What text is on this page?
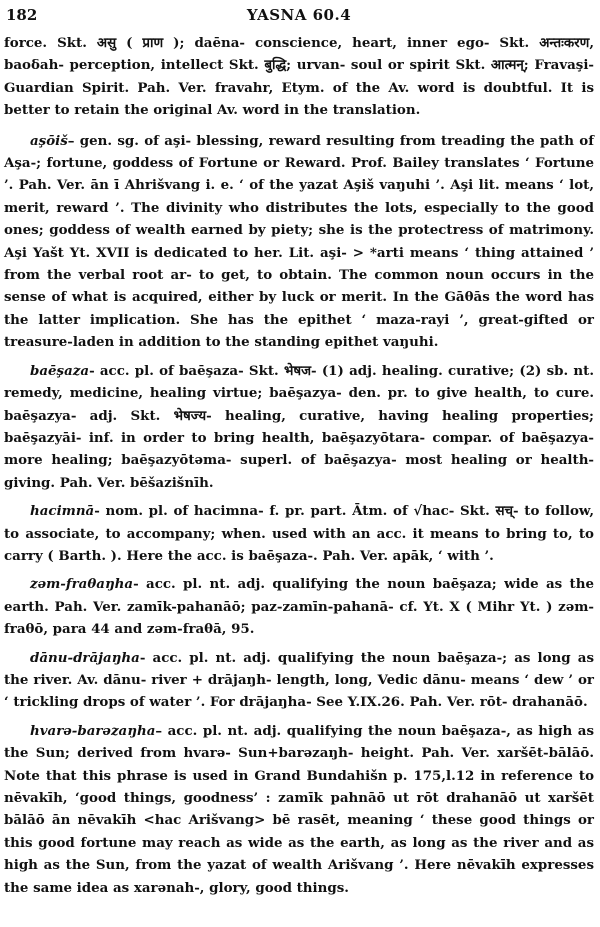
182	YASNA 60.4

force. Skt. असु ( प्राण ); daēna- conscience, heart, inner ego- Skt. अन्तःकरण, baoδah- perception, intellect Skt. बुद्धि; urvan- soul or spirit Skt. आत्मन्; Fravaşi-Guardian Spirit. Pah. Ver. fravahr, Etym. of the Av. word is doubtful. It is better to retain the original Av. word in the translation.

aşōiš– gen. sg. of aşi- blessing, reward resulting from treading the path of Aşa-; fortune, goddess of Fortune or Reward. Prof. Bailey translates ‘ Fortune ’. Pah. Ver. ān ī Ahrišvang i. e. ‘ of the yazat Aşiš vaŋuhi ’. Aşi lit. means ‘ lot, merit, reward ’. The divinity who distributes the lots, especially to the good ones; goddess of wealth earned by piety; she is the protectress of matrimony. Aşi Yašt Yt. XVII is dedicated to her. Lit. aşi- > *arti means ‘ thing attained ’ from the verbal root ar- to get, to obtain. The common noun occurs in the sense of what is acquired, either by luck or merit. In the Gāθās the word has the latter implication. She has the epithet ‘ maza-rayi ’, great-gifted or treasure-laden in addition to the standing epithet vaŋuhi.

baēşaza- acc. pl. of baēşaza- Skt. भेषज- (1) adj. healing. curative; (2) sb. nt. remedy, medicine, healing virtue; baēşazya- den. pr. to give health, to cure. baēşazya- adj. Skt. भेषज्य- healing, curative, having healing properties; baēşazyāi- inf. in order to bring health, baēşazyōtara- compar. of baēşazya- more healing; baēşazyōtəma- superl. of baēşazya- most healing or health-giving. Pah. Ver. bēšazišnīh.

hacimnā- nom. pl. of hacimna- f. pr. part. Ātm. of √hac- Skt. सच्- to follow, to associate, to accompany; when. used with an acc. it means to bring to, to carry ( Barth. ). Here the acc. is baēşaza-. Pah. Ver. apāk, ‘ with ’.

zəm-fraθaŋha- acc. pl. nt. adj. qualifying the noun baēşaza; wide as the earth. Pah. Ver. zamīk-pahanāō; paz-zamīn-pahanā- cf. Yt. X ( Mihr Yt. ) zəm-fraθō, para 44 and zəm-fraθā, 95.

dānu-drājaŋha- acc. pl. nt. adj. qualifying the noun baēşaza-; as long as the river. Av. dānu- river + drājaŋh- length, long, Vedic dānu- means ‘ dew ’ or ‘ trickling drops of water ’. For drājaŋha- See Y.IX.26. Pah. Ver. rōt- drahanāō.

hvarə-barəzaŋha– acc. pl. nt. adj. qualifying the noun baēşaza-, as high as the Sun; derived from hvarə- Sun+barəzaŋh- height. Pah. Ver. xaršēt-bālāō. Note that this phrase is used in Grand Bundahišn p. 175,l.12 in reference to nēvakīh, ‘good things, goodness’ : zamīk pahnāō ut rōt drahanāō ut xaršēt bālāō ān nēvakīh <hac Arišvang> bē rasēt, meaning ‘ these good things or this good fortune may reach as wide as the earth, as long as the river and as high as the Sun, from the yazat of wealth Arišvang ’. Here nēvakīh expresses the same idea as xarənah-, glory, good things.
